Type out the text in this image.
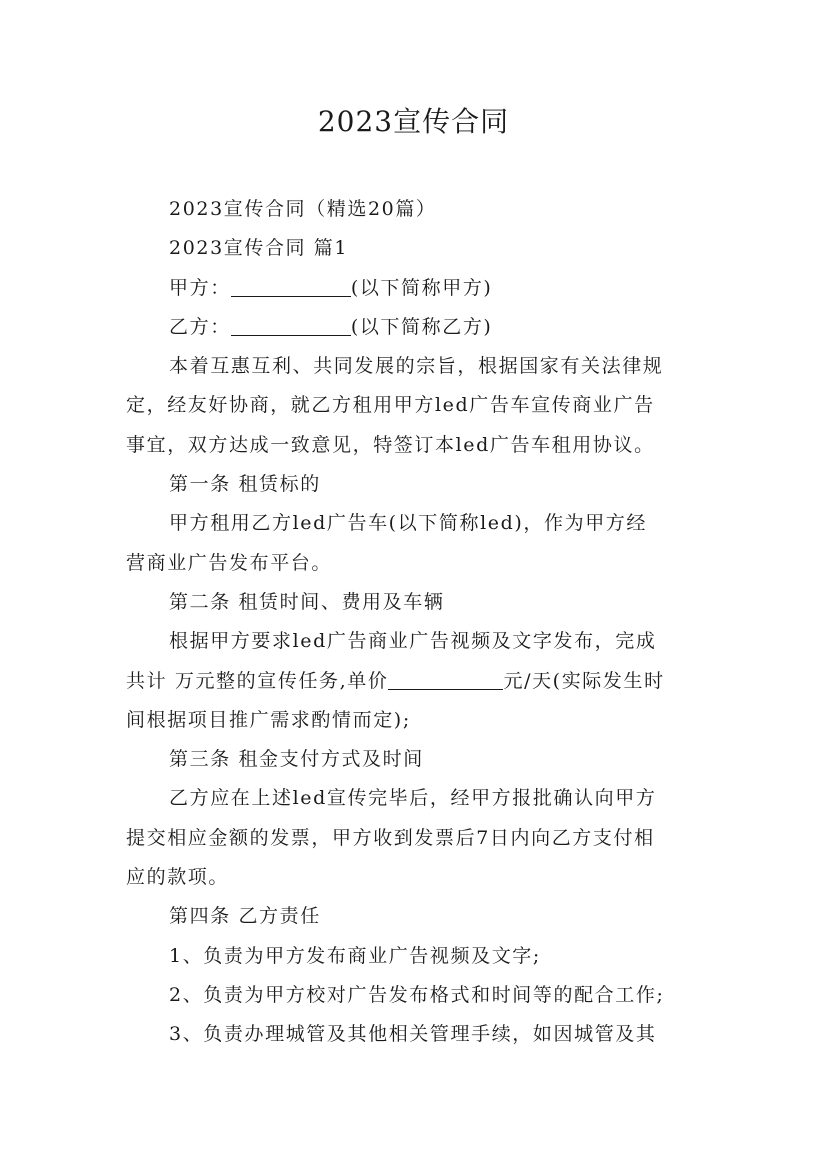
2023宣传合同
2023宣传合同（精选20篇）
2023宣传合同 篇1
甲方：	(以下简称甲方)
乙方：	(以下简称乙方)
本着互惠互利、共同发展的宗旨，根据国家有关法律规
定，经友好协商，就乙方租用甲方led广告车宣传商业广告
事宜，双方达成一致意见，特签订本led广告车租用协议。
第一条 租赁标的
甲方租用乙方led广告车(以下简称led)，作为甲方经
营商业广告发布平台。
第二条 租赁时间、费用及车辆
根据甲方要求led广告商业广告视频及文字发布，完成
共计 万元整的宣传任务,单价	元/天(实际发生时
间根据项目推广需求酌情而定);
第三条 租金支付方式及时间
乙方应在上述led宣传完毕后，经甲方报批确认向甲方
提交相应金额的发票，甲方收到发票后7日内向乙方支付相
应的款项。
第四条 乙方责任
1、负责为甲方发布商业广告视频及文字;
2、负责为甲方校对广告发布格式和时间等的配合工作;
3、负责办理城管及其他相关管理手续，如因城管及其
